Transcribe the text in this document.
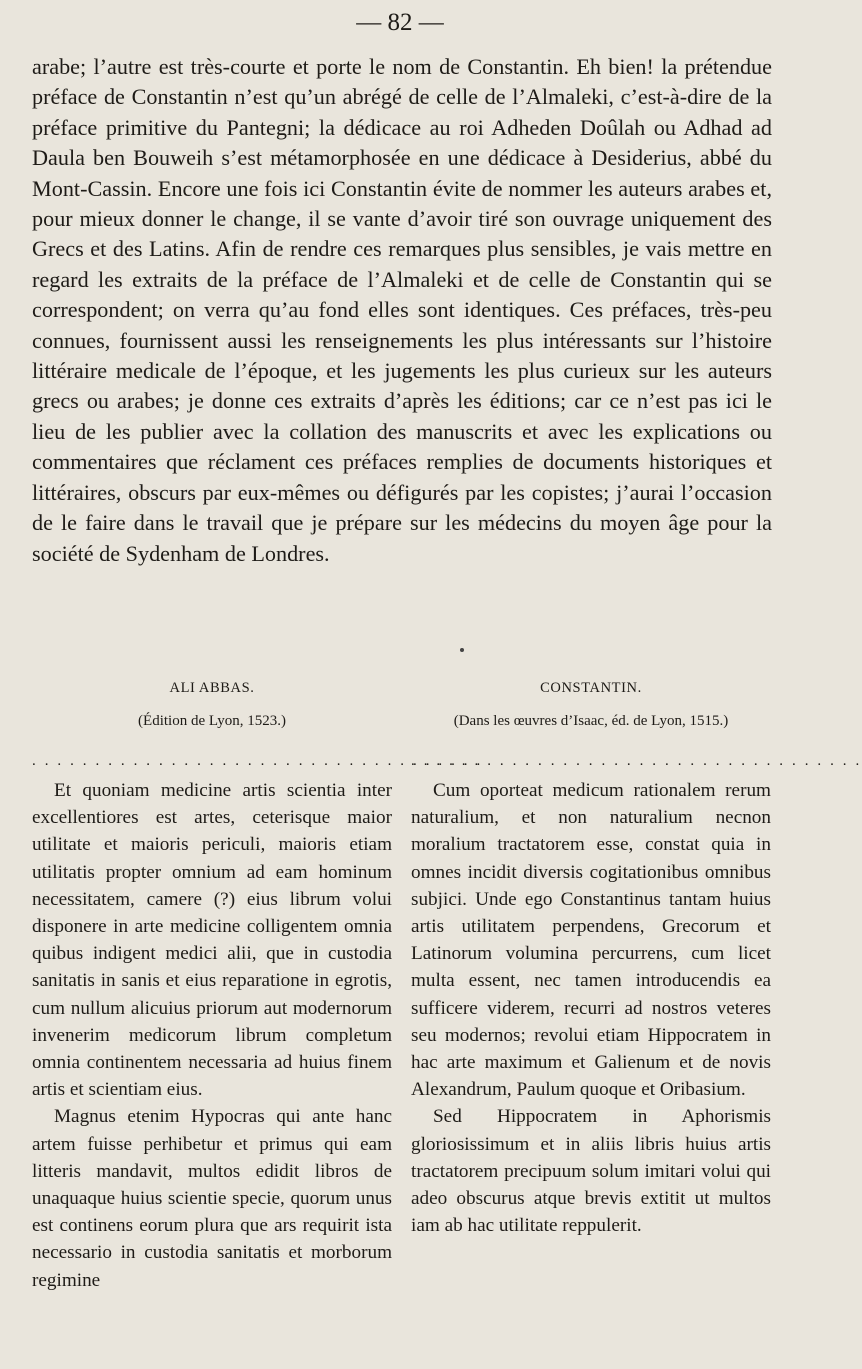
— 82 —

arabe; l’autre est très-courte et porte le nom de Constantin. Eh bien! la prétendue préface de Constantin n’est qu’un abrégé de celle de l’Almaleki, c’est-à-dire de la préface primitive du Pantegni; la dédicace au roi Adheden Doûlah ou Adhad ad Daula ben Bouweih s’est métamorphosée en une dédicace à Desiderius, abbé du Mont-Cassin. Encore une fois ici Constantin évite de nommer les auteurs arabes et, pour mieux donner le change, il se vante d’avoir tiré son ouvrage uniquement des Grecs et des Latins. Afin de rendre ces remarques plus sensibles, je vais mettre en regard les extraits de la préface de l’Almaleki et de celle de Constantin qui se correspondent; on verra qu’au fond elles sont identiques. Ces préfaces, très-peu connues, fournissent aussi les renseignements les plus intéressants sur l’histoire littéraire medicale de l’époque, et les jugements les plus curieux sur les auteurs grecs ou arabes; je donne ces extraits d’après les éditions; car ce n’est pas ici le lieu de les publier avec la collation des manuscrits et avec les explications ou commentaires que réclament ces préfaces remplies de documents historiques et littéraires, obscurs par eux-mêmes ou défigurés par les copistes; j’aurai l’occasion de le faire dans le travail que je prépare sur les médecins du moyen âge pour la société de Sydenham de Londres.

ALI ABBAS.
(Édition de Lyon, 1523.)
. . . . . . . . . . . . . . . . . . . . . . . . . . . . . . . . . . . .

Et quoniam medicine artis scientia inter excellentiores est artes, ceterisque maior utilitate et maioris periculi, maioris etiam utilitatis propter omnium ad eam hominum necessitatem, camere (?) eius librum volui disponere in arte medicine colligentem omnia quibus indigent medici alii, que in custodia sanitatis in sanis et eius reparatione in egrotis, cum nullum alicuius priorum aut modernorum invenerim medicorum librum completum omnia continentem necessaria ad huius finem artis et scientiam eius.

Magnus etenim Hypocras qui ante hanc artem fuisse perhibetur et primus qui eam litteris mandavit, multos edidit libros de unaquaque huius scientie specie, quorum unus est continens eorum plura que ars requirit ista necessario in custodia sanitatis et morborum regimine

CONSTANTIN.
(Dans les œuvres d’Isaac, éd. de Lyon, 1515.)
. . . . . . . . . . . . . . . . . . . . . . . . . . . . . . . . . . . .

Cum oporteat medicum rationalem rerum naturalium, et non naturalium necnon moralium tractatorem esse, constat quia in omnes incidit diversis cogitationibus omnibus subjici. Unde ego Constantinus tantam huius artis utilitatem perpendens, Grecorum et Latinorum volumina percurrens, cum licet multa essent, nec tamen introducendis ea sufficere viderem, recurri ad nostros veteres seu modernos; revolui etiam Hippocratem in hac arte maximum et Galienum et de novis Alexandrum, Paulum quoque et Oribasium.

Sed Hippocratem in Aphorismis gloriosissimum et in aliis libris huius artis tractatorem precipuum solum imitari volui qui adeo obscurus atque brevis extitit ut multos iam ab hac utilitate reppulerit.
